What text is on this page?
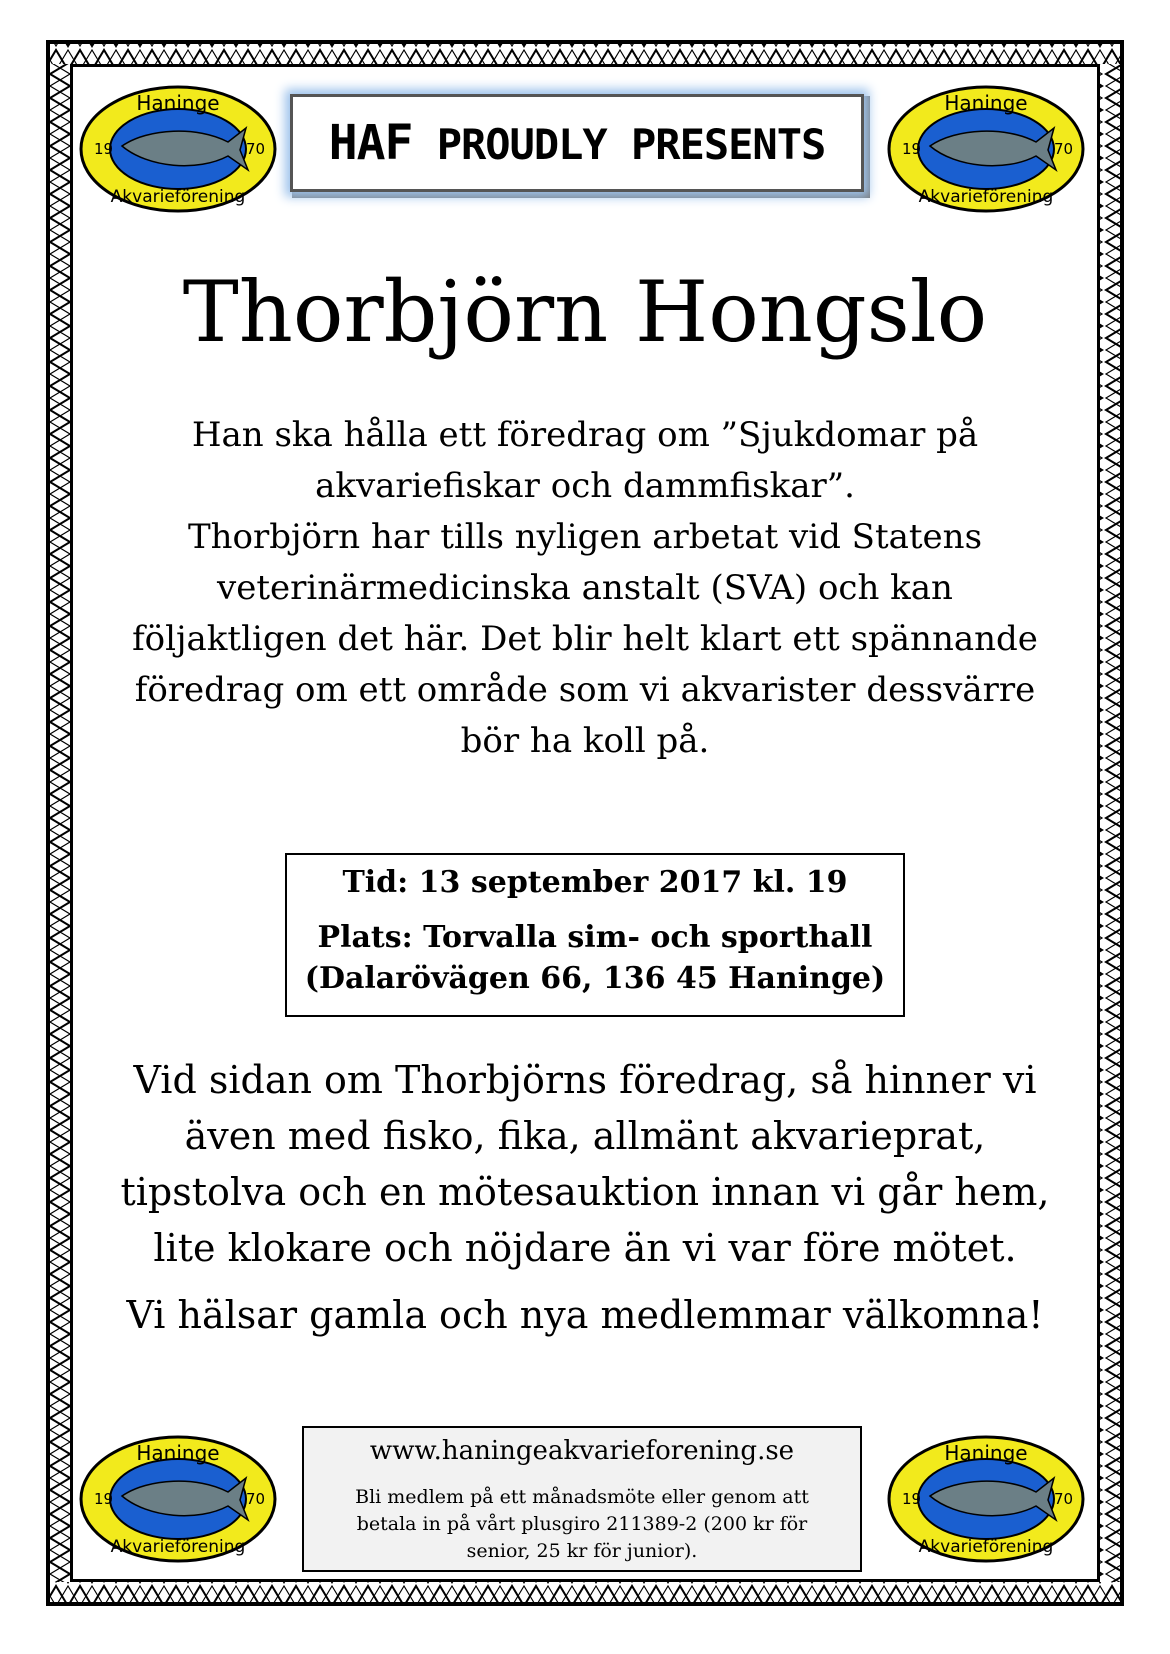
Haninge
19	70
Akvarieförening
Haninge
19	70
Akvarieförening
Haninge
19	70
Akvarieförening
Haninge
19	70
Akvarieförening
HAF PROUDLY PRESENTS
Thorbjörn Hongslo
Han ska hålla ett föredrag om ”Sjukdomar på
akvariefiskar och dammfiskar”.
Thorbjörn har tills nyligen arbetat vid Statens
veterinärmedicinska anstalt (SVA) och kan
följaktligen det här. Det blir helt klart ett spännande
föredrag om ett område som vi akvarister dessvärre
bör ha koll på.
Tid: 13 september 2017 kl. 19
Plats: Torvalla sim- och sporthall
(Dalarövägen 66, 136 45 Haninge)
Vid sidan om Thorbjörns föredrag, så hinner vi
även med fisko, fika, allmänt akvarieprat,
tipstolva och en mötesauktion innan vi går hem,
lite klokare och nöjdare än vi var före mötet.
Vi hälsar gamla och nya medlemmar välkomna!
www.haningeakvarieforening.se
Bli medlem på ett månadsmöte eller genom att
betala in på vårt plusgiro 211389-2 (200 kr för
senior, 25 kr för junior).
